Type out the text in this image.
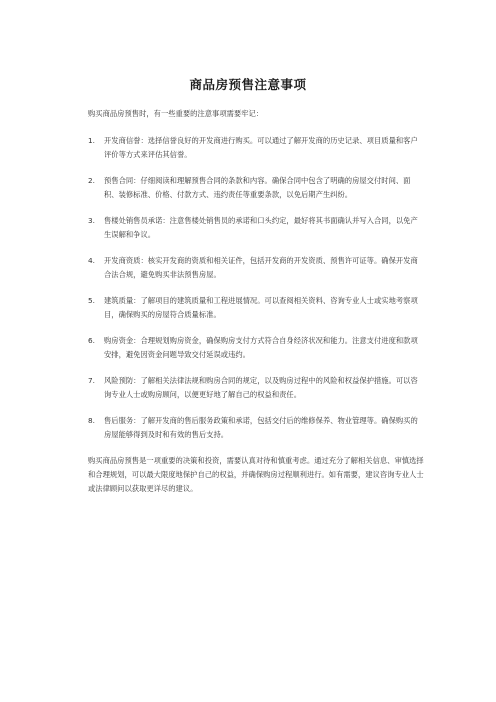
商品房预售注意事项

购买商品房预售时，有一些重要的注意事项需要牢记：

1. 开发商信誉：选择信誉良好的开发商进行购买。可以通过了解开发商的历史记录、项目质量和客户评价等方式来评估其信誉。
2. 预售合同：仔细阅读和理解预售合同的条款和内容。确保合同中包含了明确的房屋交付时间、面积、装修标准、价格、付款方式、违约责任等重要条款，以免后期产生纠纷。
3. 售楼处销售员承诺：注意售楼处销售员的承诺和口头约定，最好将其书面确认并写入合同，以免产生误解和争议。
4. 开发商资质：核实开发商的资质和相关证件，包括开发商的开发资质、预售许可证等。确保开发商合法合规，避免购买非法预售房屋。
5. 建筑质量：了解项目的建筑质量和工程进展情况。可以查阅相关资料、咨询专业人士或实地考察项目，确保购买的房屋符合质量标准。
6. 购房资金：合理规划购房资金，确保购房支付方式符合自身经济状况和能力。注意支付进度和款项安排，避免因资金问题导致交付延误或违约。
7. 风险预防：了解相关法律法规和购房合同的规定，以及购房过程中的风险和权益保护措施。可以咨询专业人士或购房顾问，以便更好地了解自己的权益和责任。
8. 售后服务：了解开发商的售后服务政策和承诺，包括交付后的维修保养、物业管理等。确保购买的房屋能够得到及时和有效的售后支持。

购买商品房预售是一项重要的决策和投资，需要认真对待和慎重考虑。通过充分了解相关信息、审慎选择和合理规划，可以最大限度地保护自己的权益，并确保购房过程顺利进行。如有需要，建议咨询专业人士或法律顾问以获取更详尽的建议。
